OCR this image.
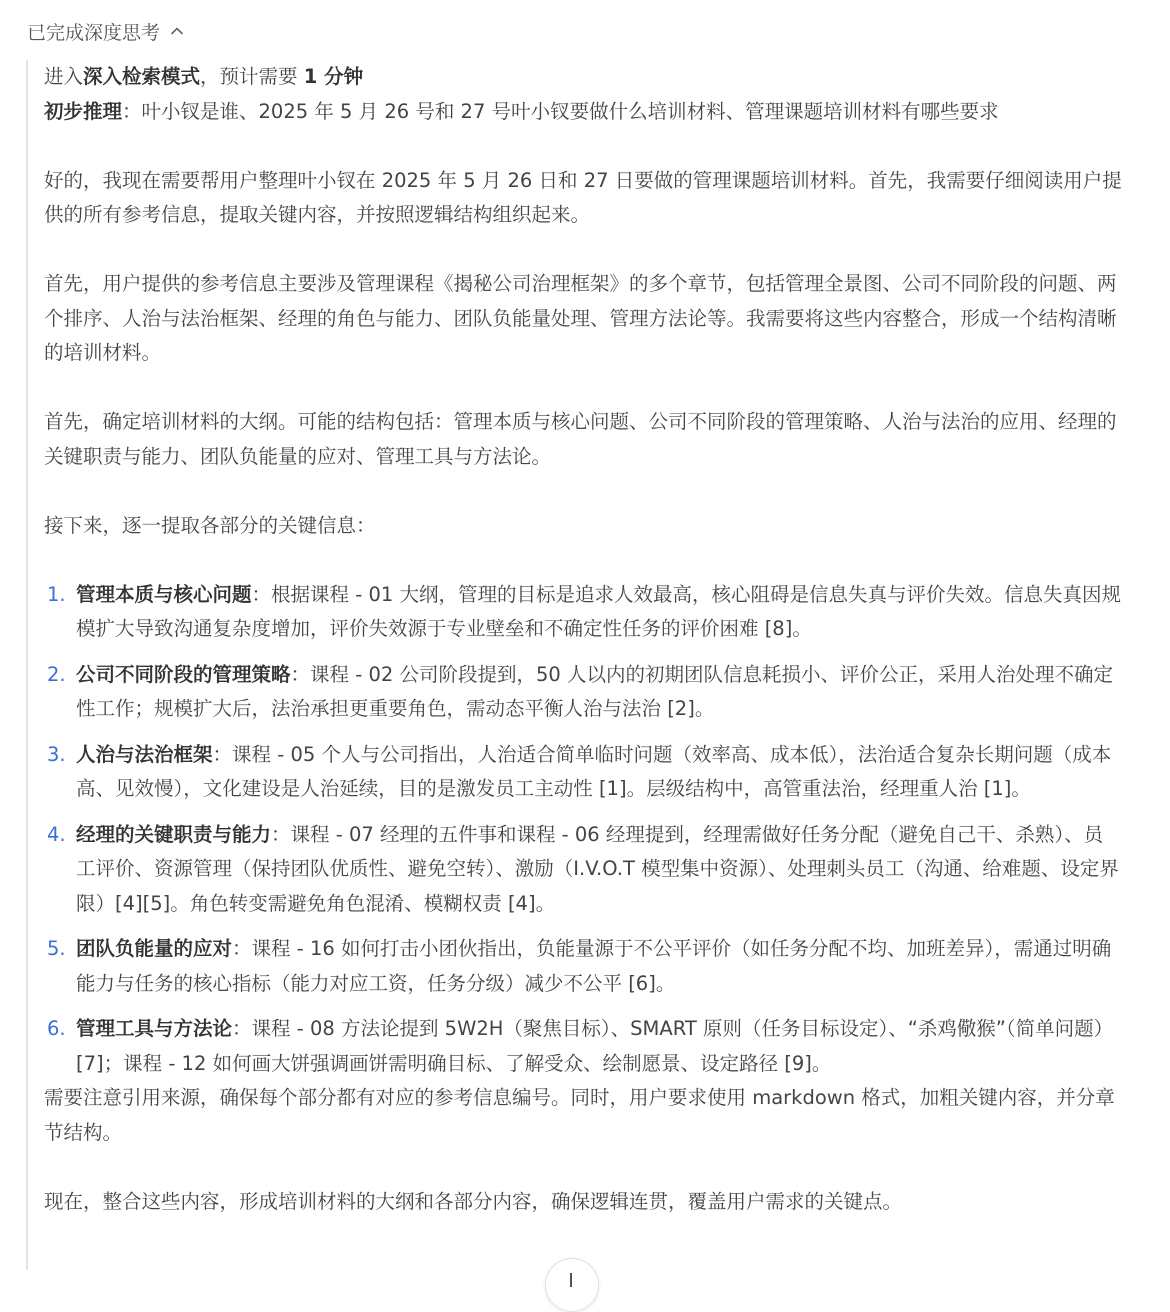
已完成深度思考

进入深入检索模式，预计需要 1 分钟

初步推理：叶小钗是谁、2025 年 5 月 26 号和 27 号叶小钗要做什么培训材料、管理课题培训材料有哪些要求

好的，我现在需要帮用户整理叶小钗在 2025 年 5 月 26 日和 27 日要做的管理课题培训材料。首先，我需要仔细阅读用户提供的所有参考信息，提取关键内容，并按照逻辑结构组织起来。

首先，用户提供的参考信息主要涉及管理课程《揭秘公司治理框架》的多个章节，包括管理全景图、公司不同阶段的问题、两个排序、人治与法治框架、经理的角色与能力、团队负能量处理、管理方法论等。我需要将这些内容整合，形成一个结构清晰的培训材料。

首先，确定培训材料的大纲。可能的结构包括：管理本质与核心问题、公司不同阶段的管理策略、人治与法治的应用、经理的关键职责与能力、团队负能量的应对、管理工具与方法论。

接下来，逐一提取各部分的关键信息：

1. 管理本质与核心问题：根据课程 - 01 大纲，管理的目标是追求人效最高，核心阻碍是信息失真与评价失效。信息失真因规模扩大导致沟通复杂度增加，评价失效源于专业壁垒和不确定性任务的评价困难 [8]。
2. 公司不同阶段的管理策略：课程 - 02 公司阶段提到，50 人以内的初期团队信息耗损小、评价公正，采用人治处理不确定性工作；规模扩大后，法治承担更重要角色，需动态平衡人治与法治 [2]。
3. 人治与法治框架：课程 - 05 个人与公司指出，人治适合简单临时问题（效率高、成本低），法治适合复杂长期问题（成本高、见效慢），文化建设是人治延续，目的是激发员工主动性 [1]。层级结构中，高管重法治，经理重人治 [1]。
4. 经理的关键职责与能力：课程 - 07 经理的五件事和课程 - 06 经理提到，经理需做好任务分配（避免自己干、杀熟）、员工评价、资源管理（保持团队优质性、避免空转）、激励（I.V.O.T 模型集中资源）、处理刺头员工（沟通、给难题、设定界限）[4][5]。角色转变需避免角色混淆、模糊权责 [4]。
5. 团队负能量的应对：课程 - 16 如何打击小团伙指出，负能量源于不公平评价（如任务分配不均、加班差异），需通过明确能力与任务的核心指标（能力对应工资，任务分级）减少不公平 [6]。
6. 管理工具与方法论：课程 - 08 方法论提到 5W2H（聚焦目标）、SMART 原则（任务目标设定）、“杀鸡儆猴”（简单问题）[7]；课程 - 12 如何画大饼强调画饼需明确目标、了解受众、绘制愿景、设定路径 [9]。

需要注意引用来源，确保每个部分都有对应的参考信息编号。同时，用户要求使用 markdown 格式，加粗关键内容，并分章节结构。

现在，整合这些内容，形成培训材料的大纲和各部分内容，确保逻辑连贯，覆盖用户需求的关键点。
